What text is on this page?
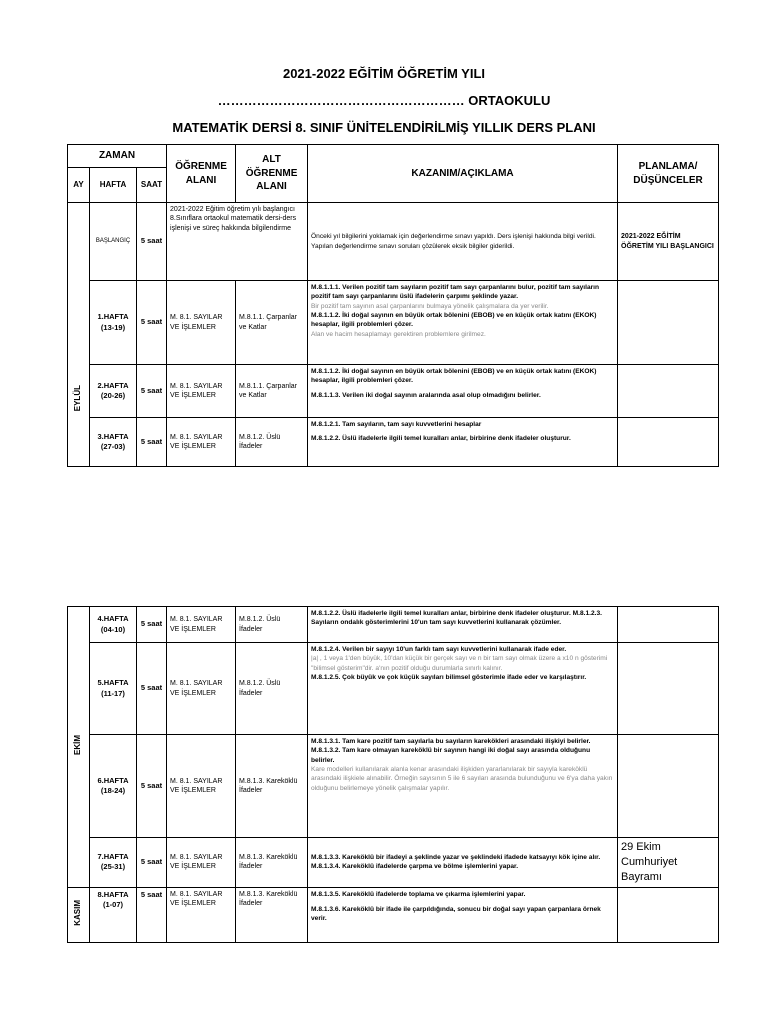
2021-2022 EĞİTİM ÖĞRETİM YILI
………………………………………………… ORTAOKULU
MATEMATİK DERSİ 8. SINIF ÜNİTELENDİRİLMİŞ YILLIK DERS PLANI
ZAMAN			ÖĞRENME ALANI	ALT ÖĞRENME ALANI	KAZANIM/AÇIKLAMA	PLANLAMA/ DÜŞÜNCELER
AY	HAFTA	SAAT				
EYLÜL	BAŞLANGIÇ	5 saat	2021-2022 Eğitim öğretim yılı başlangıcı 8.Sınıflara ortaokul matematik dersi-ders işlenişi ve süreç hakkında bilgilendirme		Önceki yıl bilgilerini yoklamak için değerlendirme sınavı yapıldı. Ders işlenişi hakkında bilgi verildi. Yapılan değerlendirme sınavı soruları çözülerek eksik bilgiler giderildi.	2021-2022 EĞİTİM ÖĞRETİM YILI BAŞLANGICI
	1.HAFTA (13-19)	5 saat	M. 8.1. SAYILAR VE İŞLEMLER	M.8.1.1. Çarpanlar ve Katlar	M.8.1.1.1. Verilen pozitif tam sayıların pozitif tam sayı çarpanlarını bulur, pozitif tam sayıların pozitif tam sayı çarpanlarını üslü ifadelerin çarpımı şeklinde yazar.

Bir pozitif tam sayının asal çarpanlarını bulmaya yönelik çalışmalara da yer verilir.

M.8.1.1.2. İki doğal sayının en büyük ortak bölenini (EBOB) ve en küçük ortak katını (EKOK) hesaplar, ilgili problemleri çözer.

Alan ve hacim hesaplamayı gerektiren problemlere girilmez.	

	2.HAFTA (20-26)	5 saat	M. 8.1. SAYILAR VE İŞLEMLER	M.8.1.1. Çarpanlar ve Katlar	M.8.1.1.2. İki doğal sayının en büyük ortak bölenini (EBOB) ve en küçük ortak katını (EKOK) hesaplar, ilgili problemleri çözer.

M.8.1.1.3. Verilen iki doğal sayının aralarında asal olup olmadığını belirler.	

	3.HAFTA (27-03)	5 saat	M. 8.1. SAYILAR VE İŞLEMLER	M.8.1.2. Üslü İfadeler	M.8.1.2.1. Tam sayıların, tam sayı kuvvetlerini hesaplar

M.8.1.2.2. Üslü ifadelerle ilgili temel kuralları anlar, birbirine denk ifadeler oluşturur.	

EKİM	4.HAFTA (04-10)	5 saat	M. 8.1. SAYILAR VE İŞLEMLER	M.8.1.2. Üslü İfadeler	M.8.1.2.2. Üslü ifadelerle ilgili temel kuralları anlar, birbirine denk ifadeler oluşturur. M.8.1.2.3. Sayıların ondalık gösterimlerini 10'un tam sayı kuvvetlerini kullanarak çözümler.	

	5.HAFTA (11-17)	5 saat	M. 8.1. SAYILAR VE İŞLEMLER	M.8.1.2. Üslü İfadeler	M.8.1.2.4. Verilen bir sayıyı 10'un farklı tam sayı kuvvetlerini kullanarak ifade eder.

|a| , 1 veya 1'den büyük, 10'dan küçük bir gerçek sayı ve n bir tam sayı olmak üzere a x10 n gösterimi "bilimsel gösterim"dir. a'nın pozitif olduğu durumlarla sınırlı kalınır.

M.8.1.2.5. Çok büyük ve çok küçük sayıları bilimsel gösterimle ifade eder ve karşılaştırır.	

	6.HAFTA (18-24)	5 saat	M. 8.1. SAYILAR VE İŞLEMLER	M.8.1.3. Kareköklü İfadeler	M.8.1.3.1. Tam kare pozitif tam sayılarla bu sayıların karekökleri arasındaki ilişkiyi belirler.

M.8.1.3.2. Tam kare olmayan kareköklü bir sayının hangi iki doğal sayı arasında olduğunu belirler.

Kare modelleri kullanılarak alanla kenar arasındaki ilişkiden yararlanılarak bir sayıyla kareköklü arasındaki ilişkiele alınabilir. Örneğin sayısının 5 ile 6 sayıları arasında bulunduğunu ve 6'ya daha yakın olduğunu belirlemeye yönelik çalışmalar yapılır.	

	7.HAFTA (25-31)	5 saat	M. 8.1. SAYILAR VE İŞLEMLER	M.8.1.3. Kareköklü İfadeler	M.8.1.3.3. Kareköklü bir ifadeyi a şeklinde yazar ve şeklindeki ifadede katsayıyı kök içine alır. M.8.1.3.4. Kareköklü ifadelerde çarpma ve bölme işlemlerini yapar.	29 Ekim Cumhuriyet Bayramı
KASIM	8.HAFTA (1-07)	5 saat	M. 8.1. SAYILAR VE İŞLEMLER	M.8.1.3. Kareköklü İfadeler	M.8.1.3.5. Kareköklü ifadelerde toplama ve çıkarma işlemlerini yapar.

M.8.1.3.6. Kareköklü bir ifade ile çarpıldığında, sonucu bir doğal sayı yapan çarpanlara örnek verir.	
